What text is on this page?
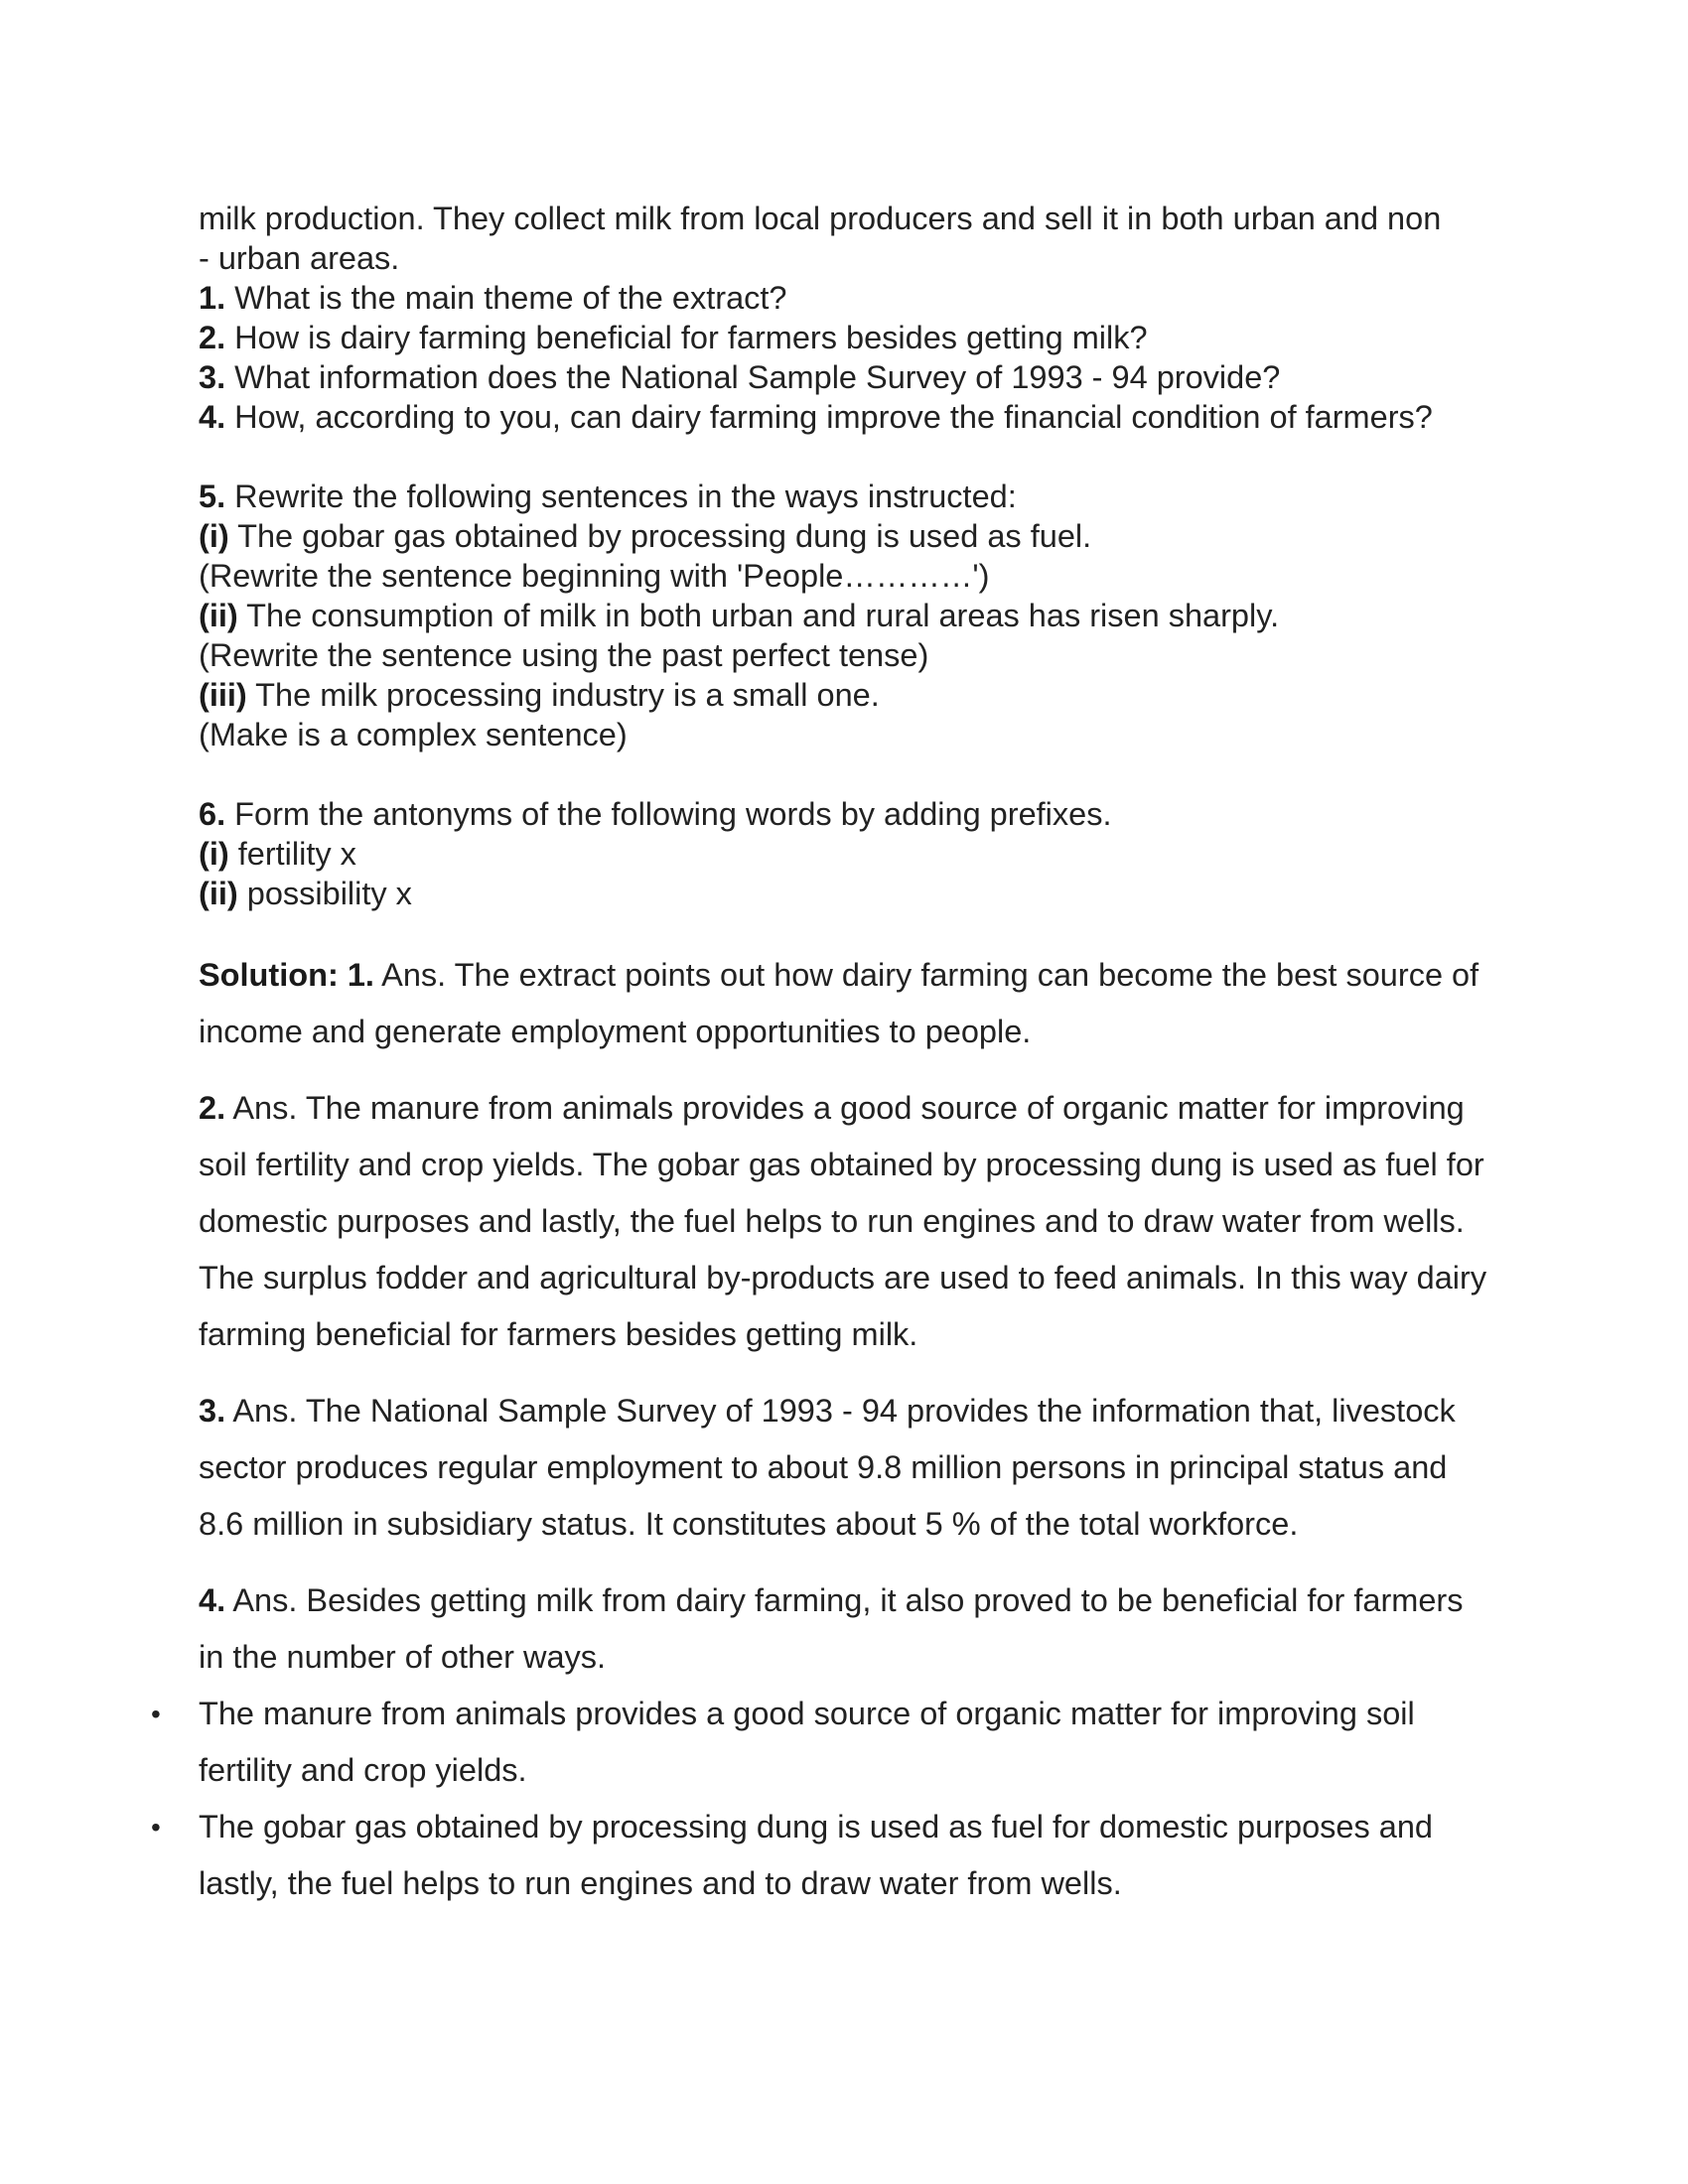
milk production. They collect milk from local producers and sell it in both urban and non

- urban areas.

1. What is the main theme of the extract?

2. How is dairy farming beneficial for farmers besides getting milk?

3. What information does the National Sample Survey of 1993 - 94 provide?

4. How, according to you, can dairy farming improve the financial condition of farmers?

5. Rewrite the following sentences in the ways instructed:

(i) The gobar gas obtained by processing dung is used as fuel.

(Rewrite the sentence beginning with 'People…………')

(ii) The consumption of milk in both urban and rural areas has risen sharply.

(Rewrite the sentence using the past perfect tense)

(iii) The milk processing industry is a small one.

(Make is a complex sentence)

6. Form the antonyms of the following words by adding prefixes.

(i) fertility x

(ii) possibility x

Solution: 1. Ans. The extract points out how dairy farming can become the best source of income and generate employment opportunities to people.

2. Ans. The manure from animals provides a good source of organic matter for improving soil fertility and crop yields. The gobar gas obtained by processing dung is used as fuel for domestic purposes and lastly, the fuel helps to run engines and to draw water from wells. The surplus fodder and agricultural by-products are used to feed animals. In this way dairy farming beneficial for farmers besides getting milk.

3. Ans. The National Sample Survey of 1993 - 94 provides the information that, livestock sector produces regular employment to about 9.8 million persons in principal status and 8.6 million in subsidiary status. It constitutes about 5 % of the total workforce.

4. Ans. Besides getting milk from dairy farming, it also proved to be beneficial for farmers in the number of other ways.

• The manure from animals provides a good source of organic matter for improving soil fertility and crop yields.
• The gobar gas obtained by processing dung is used as fuel for domestic purposes and lastly, the fuel helps to run engines and to draw water from wells.
